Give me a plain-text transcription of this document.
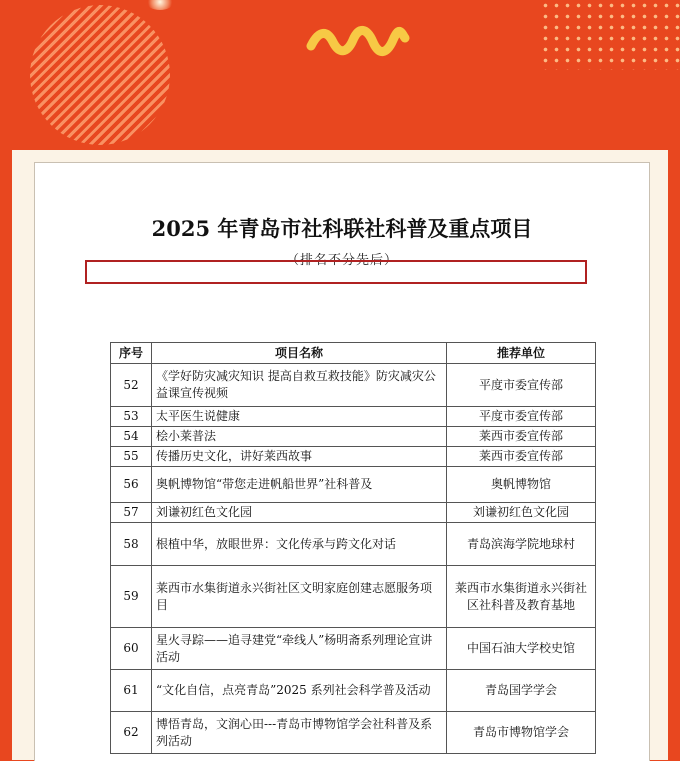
2025 年青岛市社科联社科普及重点项目
（排名不分先后）
序号	项目名称	推荐单位
52	《学好防灾减灾知识 提高自救互救技能》防灾减灾公益课宣传视频	平度市委宣传部
53	太平医生说健康	平度市委宣传部
54	桧小莱普法	莱西市委宣传部
55	传播历史文化，讲好莱西故事	莱西市委宣传部
56	奥帆博物馆“带您走进帆船世界”社科普及	奥帆博物馆
57	刘谦初红色文化园	刘谦初红色文化园
58	根植中华，放眼世界：文化传承与跨文化对话	青岛滨海学院地球村
59	莱西市水集街道永兴街社区文明家庭创建志愿服务项目	莱西市水集街道永兴街社区社科普及教育基地
60	星火寻踪——追寻建党“牵线人”杨明斋系列理论宣讲活动	中国石油大学校史馆
61	“文化自信，点亮青岛”2025 系列社会科学普及活动	青岛国学学会
62	博悟青岛，文润心田---青岛市博物馆学会社科普及系列活动	青岛市博物馆学会
